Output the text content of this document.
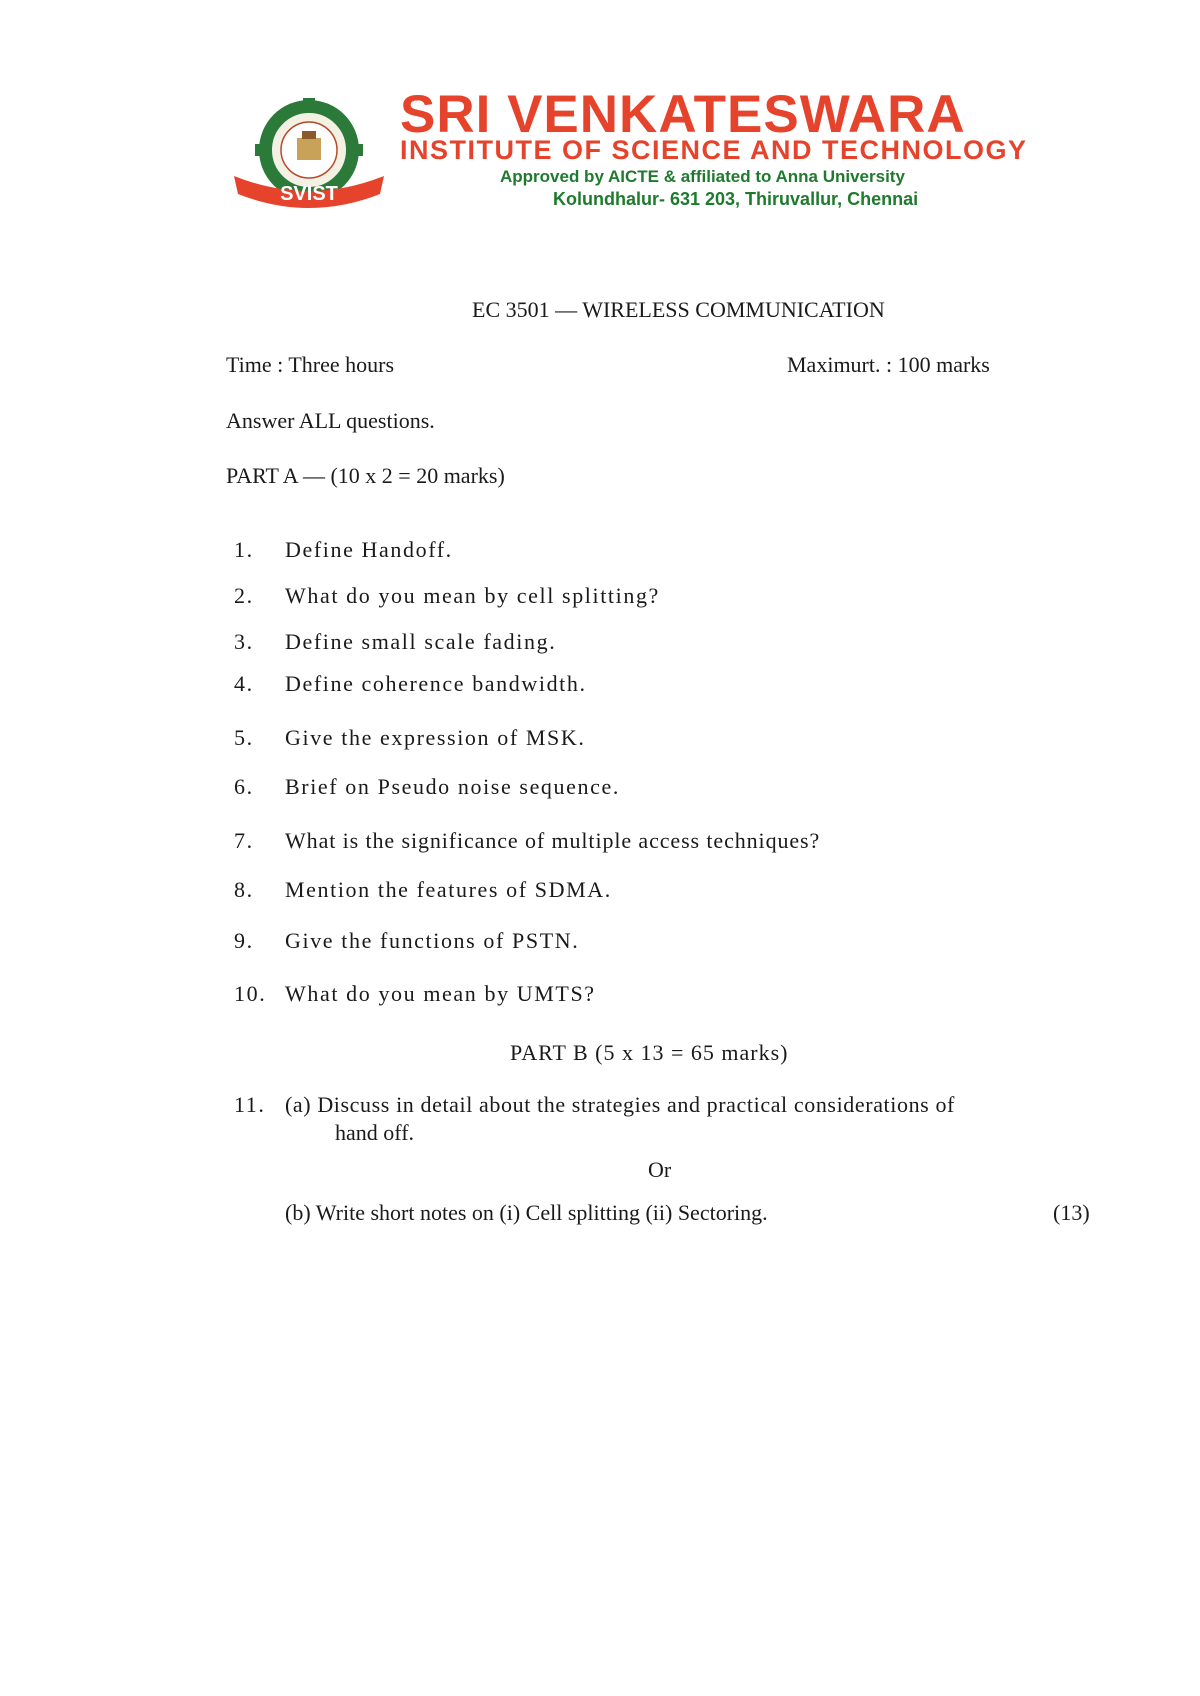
SVIST
SRI VENKATESWARA
INSTITUTE OF SCIENCE AND TECHNOLOGY
Approved by AICTE & affiliated to Anna University
Kolundhalur- 631 203, Thiruvallur, Chennai
EC 3501 — WIRELESS COMMUNICATION
Time : Three hours	Maximurt. : 100 marks
Answer ALL questions.
PART A — (10 x 2 = 20 marks)
1. Define Handoff.
2. What do you mean by cell splitting?
3. Define small scale fading.
4. Define coherence bandwidth.
5. Give the expression of MSK.
6. Brief on Pseudo noise sequence.
7. What is the significance of multiple access techniques?
8. Mention the features of SDMA.
9. Give the functions of PSTN.
10. What do you mean by UMTS?
PART B (5 x 13 = 65 marks)
11. (a) Discuss in detail about the strategies and practical considerations of
hand off.
Or
(b) Write short notes on (i) Cell splitting (ii) Sectoring.	(13)
